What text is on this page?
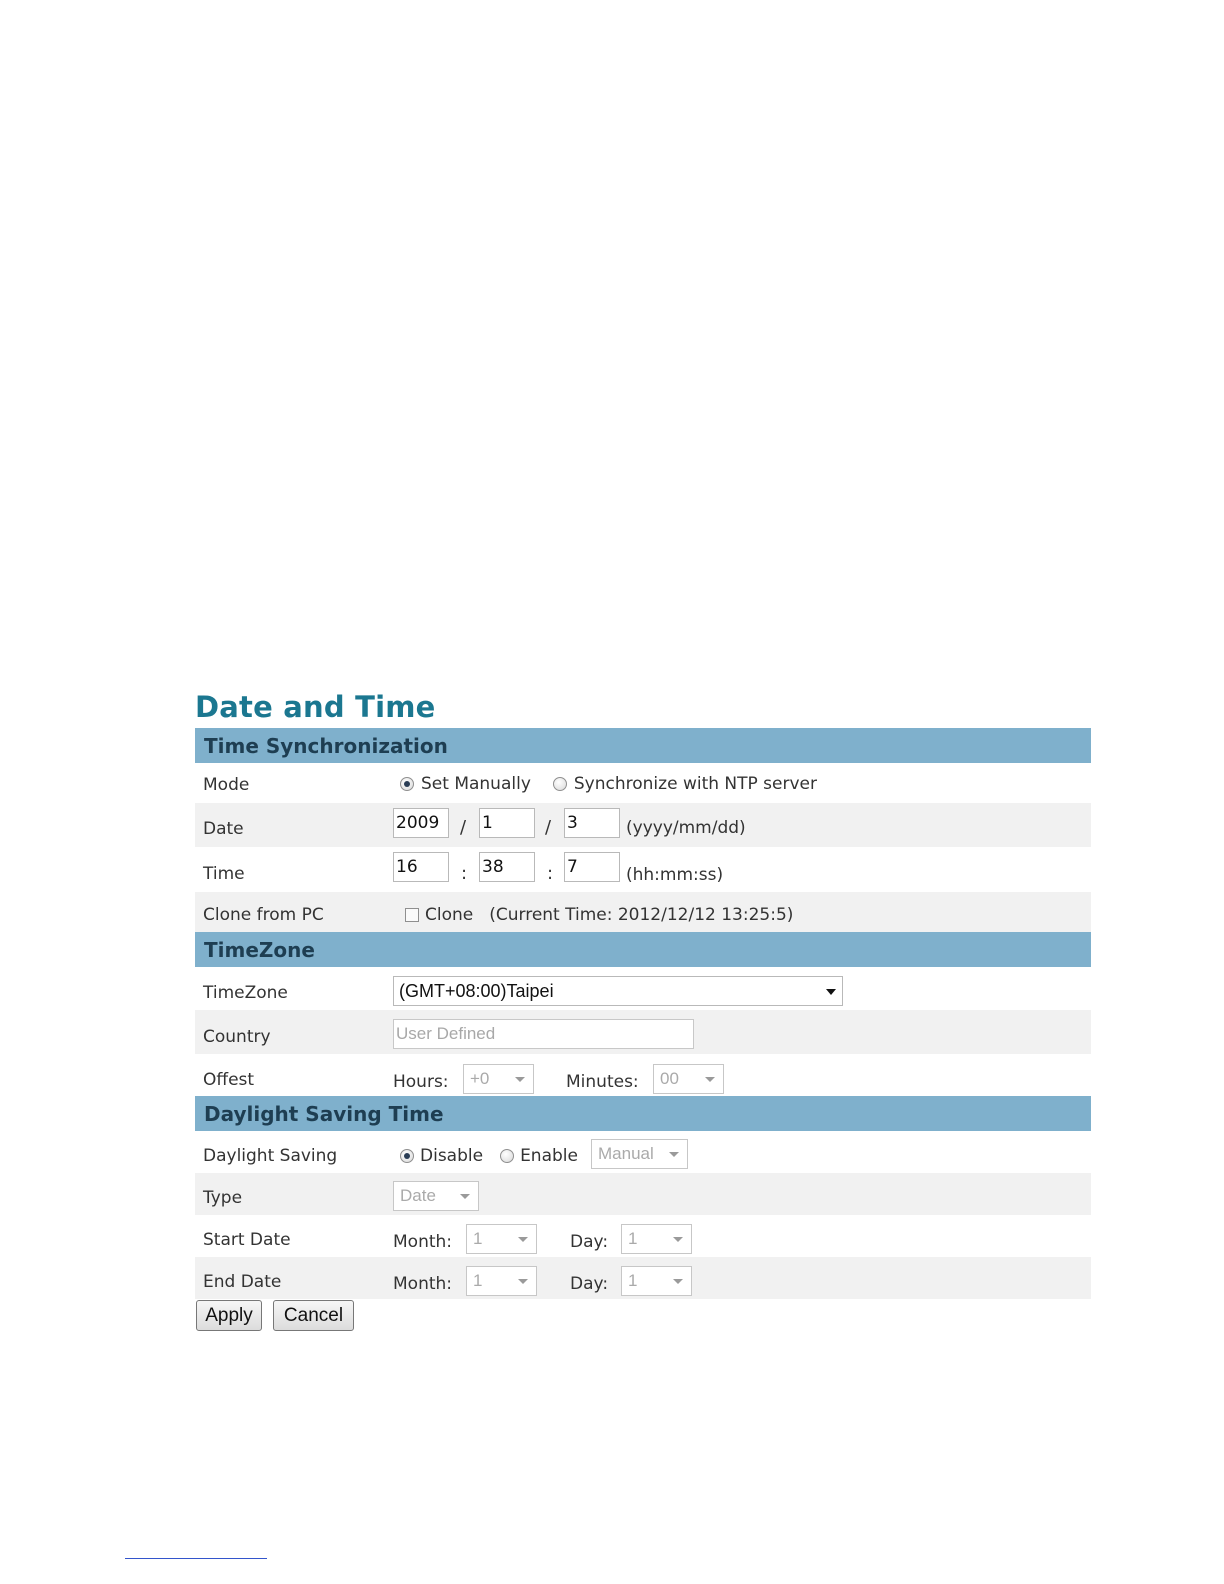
Date and Time
Time Synchronization
Mode	Set Manually	Synchronize with NTP server
Date	2009	/ 1	/ 3	(yyyy/mm/dd)
Time	16	: 38	: 7	(hh:mm:ss)
Clone from PC	Clone (Current Time: 2012/12/12 13:25:5)
TimeZone
TimeZone	(GMT+08:00)Taipei
Country	User Defined
Offest	Hours:	+0	Minutes:	00
Daylight Saving Time
Daylight Saving	Disable Enable	Manual
Type	Date
Start Date	Month:	1	Day:	1
End Date	Month:	1	Day:	1
Apply	Cancel
